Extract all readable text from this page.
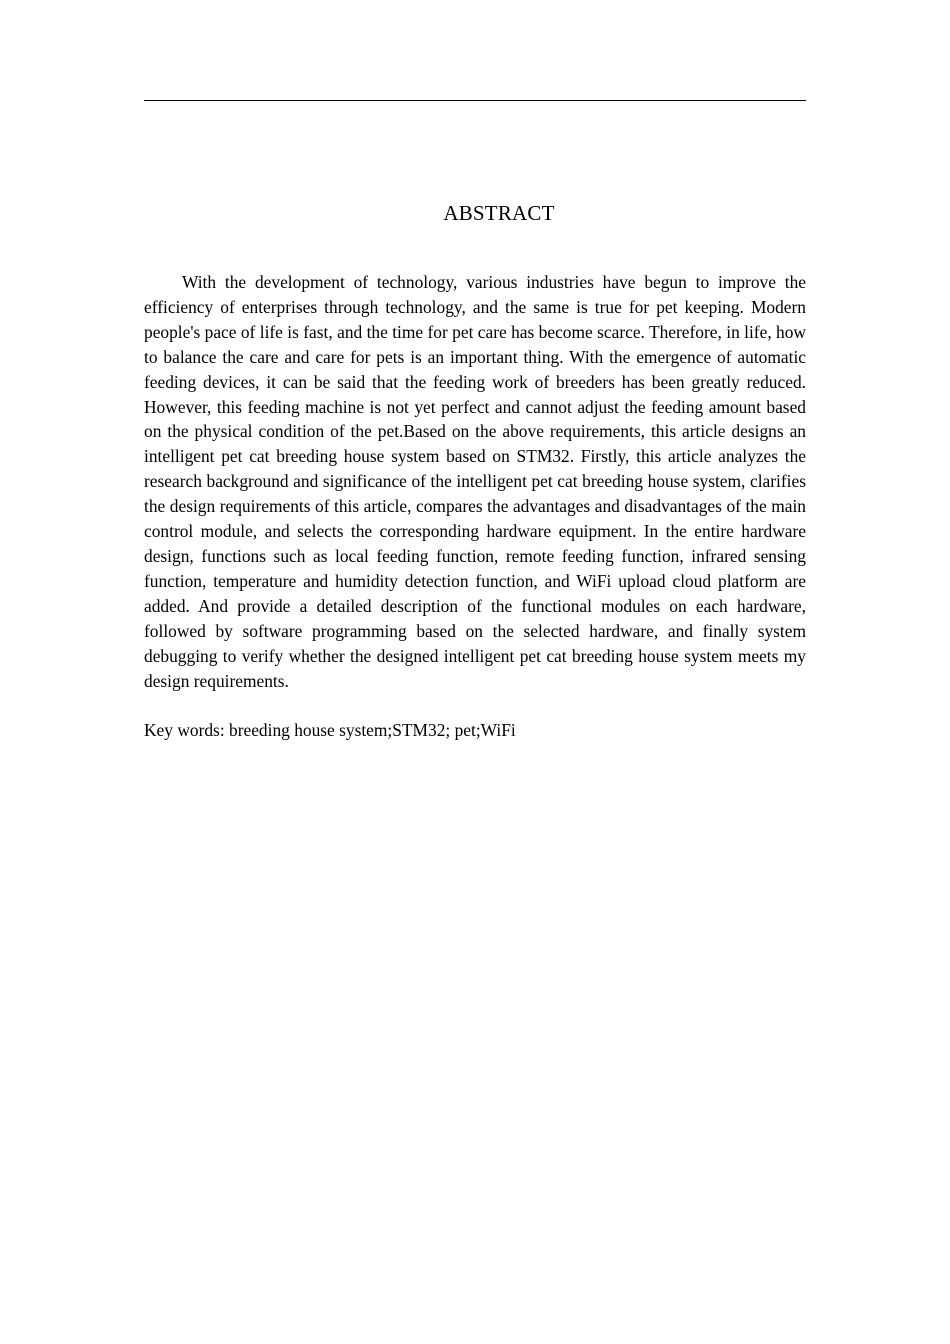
ABSTRACT

With the development of technology, various industries have begun to improve the efficiency of enterprises through technology, and the same is true for pet keeping. Modern people's pace of life is fast, and the time for pet care has become scarce. Therefore, in life, how to balance the care and care for pets is an important thing. With the emergence of automatic feeding devices, it can be said that the feeding work of breeders has been greatly reduced. However, this feeding machine is not yet perfect and cannot adjust the feeding amount based on the physical condition of the pet.Based on the above requirements, this article designs an intelligent pet cat breeding house system based on STM32. Firstly, this article analyzes the research background and significance of the intelligent pet cat breeding house system, clarifies the design requirements of this article, compares the advantages and disadvantages of the main control module, and selects the corresponding hardware equipment. In the entire hardware design, functions such as local feeding function, remote feeding function, infrared sensing function, temperature and humidity detection function, and WiFi upload cloud platform are added. And provide a detailed description of the functional modules on each hardware, followed by software programming based on the selected hardware, and finally system debugging to verify whether the designed intelligent pet cat breeding house system meets my design requirements.

Key words: breeding house system;STM32; pet;WiFi
